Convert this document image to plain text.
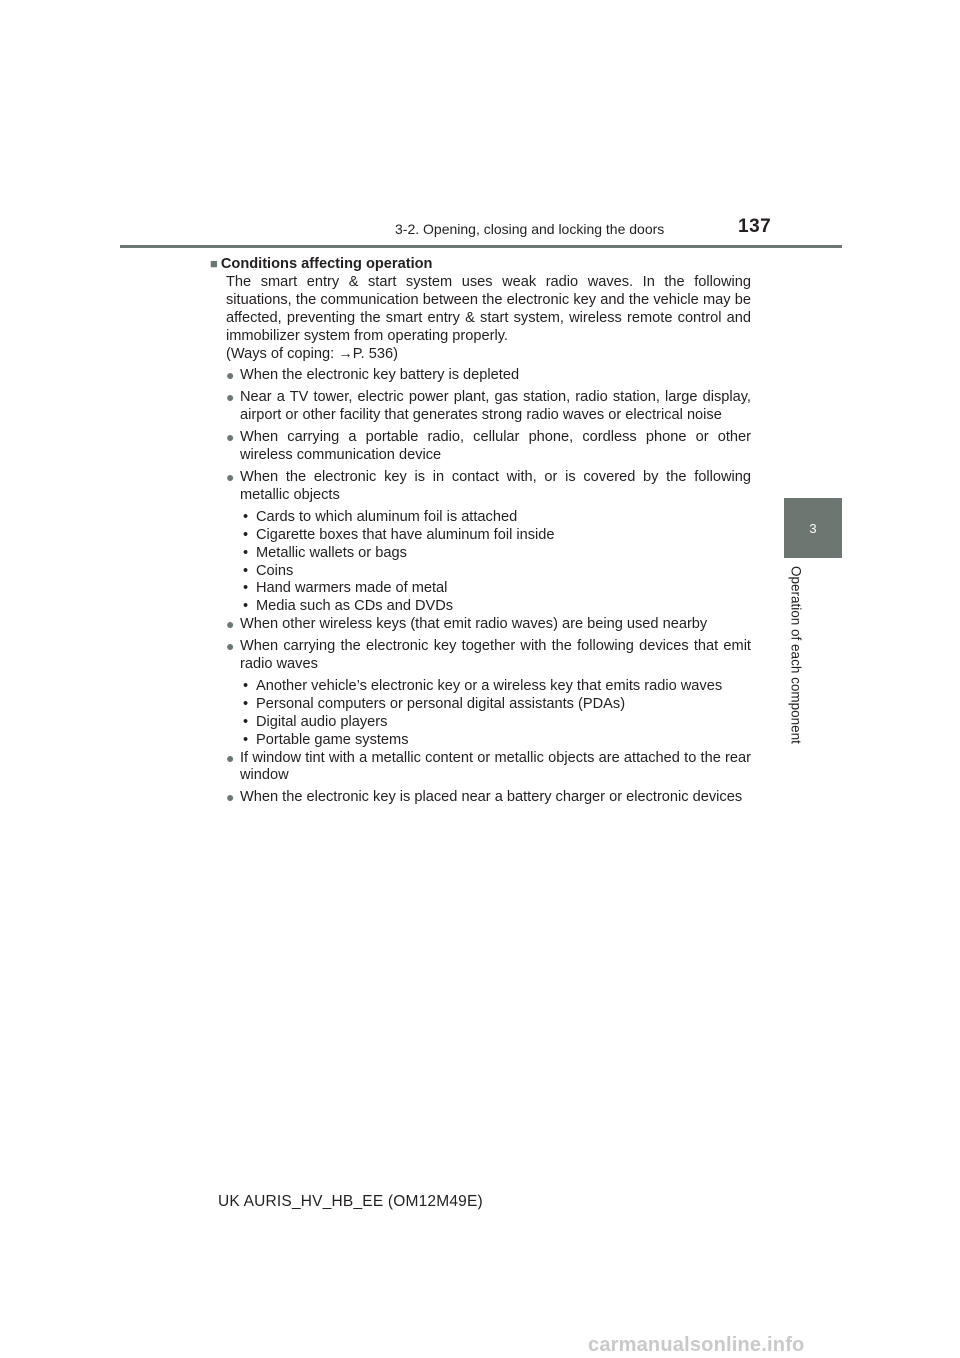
3-2. Opening, closing and locking the doors	137
3
Operation of each component

■ Conditions affecting operation

The smart entry & start system uses weak radio waves. In the following situations, the communication between the electronic key and the vehicle may be affected, preventing the smart entry & start system, wireless remote control and immobilizer system from operating properly.

(Ways of coping: →P. 536)

● When the electronic key battery is depleted
● Near a TV tower, electric power plant, gas station, radio station, large display, airport or other facility that generates strong radio waves or electrical noise
● When carrying a portable radio, cellular phone, cordless phone or other wireless communication device
● When the electronic key is in contact with, or is covered by the following metallic objects
• Cards to which aluminum foil is attached
• Cigarette boxes that have aluminum foil inside
• Metallic wallets or bags
• Coins
• Hand warmers made of metal
• Media such as CDs and DVDs
● When other wireless keys (that emit radio waves) are being used nearby
● When carrying the electronic key together with the following devices that emit radio waves
• Another vehicle’s electronic key or a wireless key that emits radio waves
• Personal computers or personal digital assistants (PDAs)
• Digital audio players
• Portable game systems
● If window tint with a metallic content or metallic objects are attached to the rear window
● When the electronic key is placed near a battery charger or electronic devices
UK AURIS_HV_HB_EE (OM12M49E)
carmanualsonline.info
